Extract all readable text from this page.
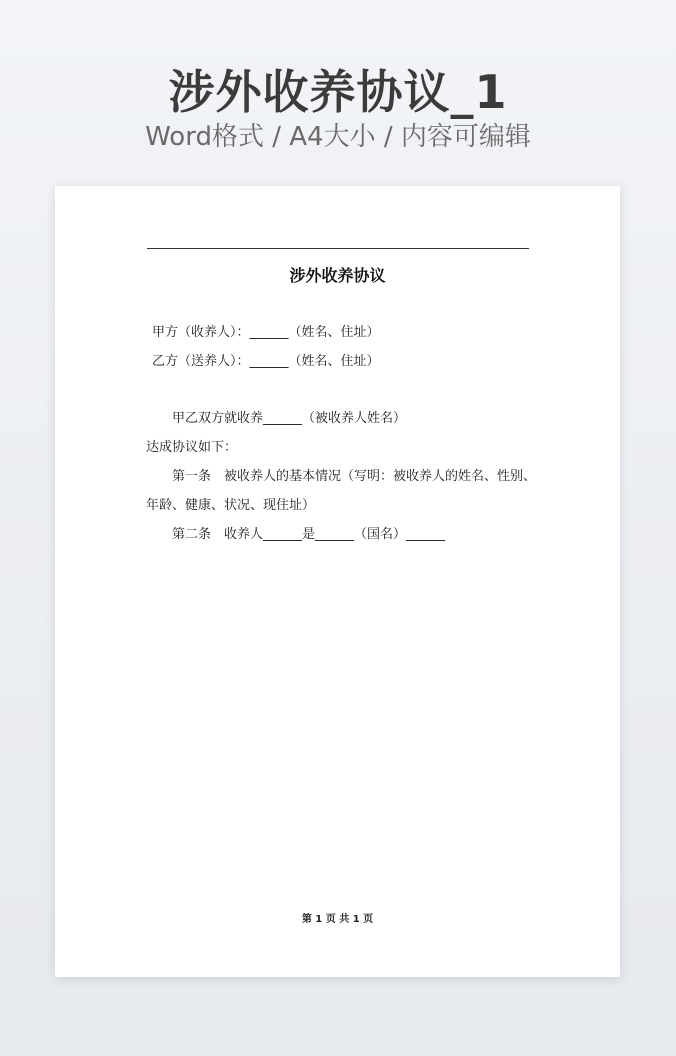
涉外收养协议_1
Word格式 / A4大小 / 内容可编辑
涉外收养协议
甲方（收养人）：______（姓名、住址）
乙方（送养人）：______（姓名、住址）
甲乙双方就收养______（被收养人姓名）
达成协议如下：
第一条　被收养人的基本情况（写明：被收养人的姓名、性别、
年龄、健康、状况、现住址）
第二条　收养人______是______（国名）______
第 1 页 共 1 页
